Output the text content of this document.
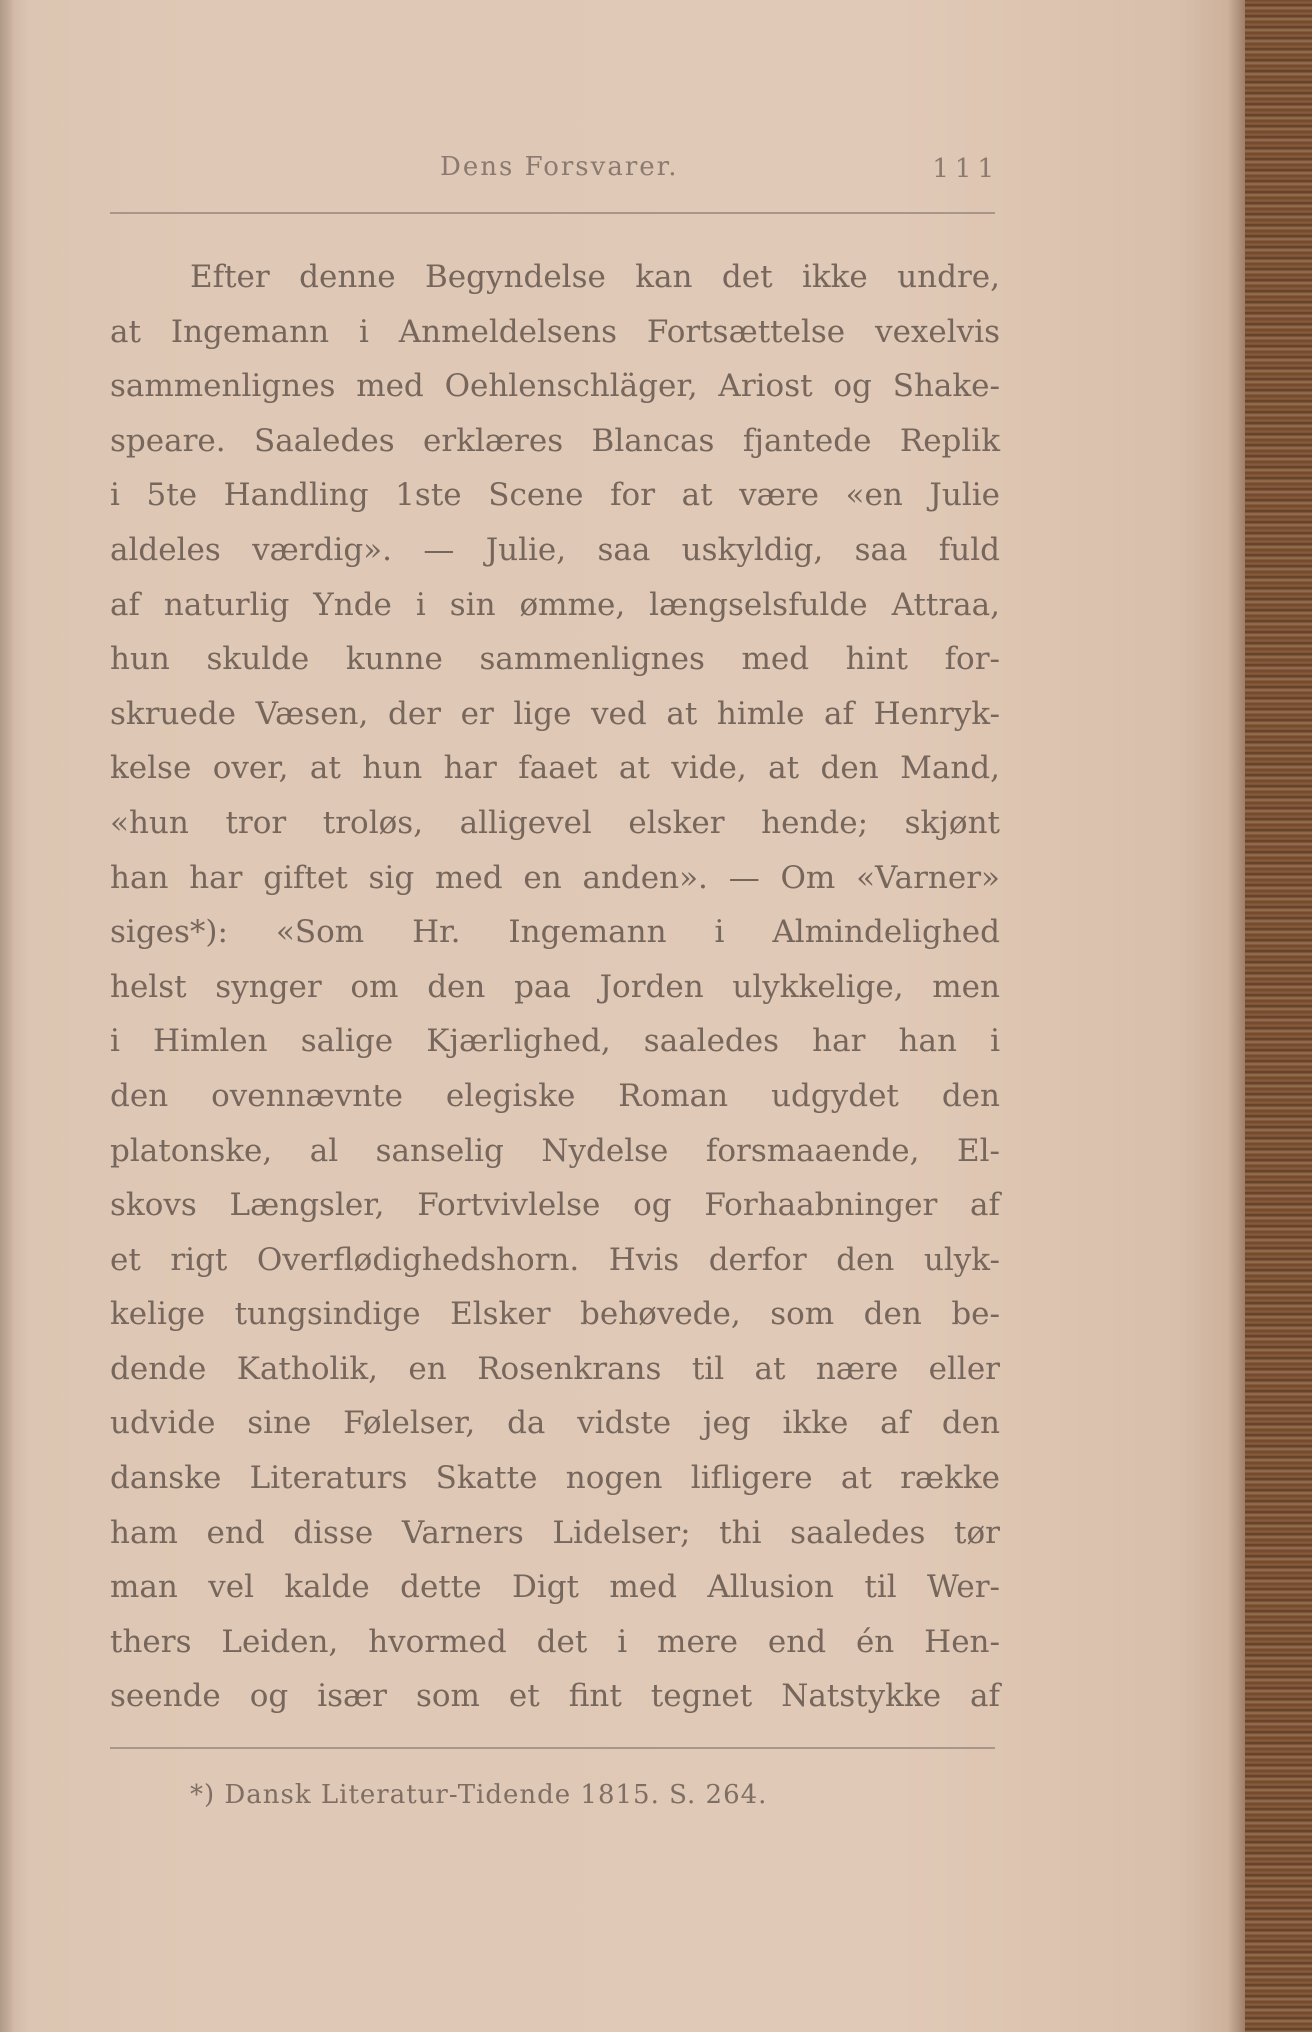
Dens Forsvarer.	111
Efter denne Begyndelse kan det ikke undre,
at Ingemann i Anmeldelsens Fortsættelse vexelvis
sammenlignes med Oehlenschläger, Ariost og Shake-
speare. Saaledes erklæres Blancas fjantede Replik
i 5te Handling 1ste Scene for at være «en Julie
aldeles værdig». — Julie, saa uskyldig, saa fuld
af naturlig Ynde i sin ømme, længselsfulde Attraa,
hun skulde kunne sammenlignes med hint for-
skruede Væsen, der er lige ved at himle af Henryk-
kelse over, at hun har faaet at vide, at den Mand,
«hun tror troløs, alligevel elsker hende; skjønt
han har giftet sig med en anden». — Om «Varner»
siges*): «Som Hr. Ingemann i Almindelighed
helst synger om den paa Jorden ulykkelige, men
i Himlen salige Kjærlighed, saaledes har han i
den ovennævnte elegiske Roman udgydet den
platonske, al sanselig Nydelse forsmaaende, El-
skovs Længsler, Fortvivlelse og Forhaabninger af
et rigt Overflødighedshorn. Hvis derfor den ulyk-
kelige tungsindige Elsker behøvede, som den be-
dende Katholik, en Rosenkrans til at nære eller
udvide sine Følelser, da vidste jeg ikke af den
danske Literaturs Skatte nogen lifligere at række
ham end disse Varners Lidelser; thi saaledes tør
man vel kalde dette Digt med Allusion til Wer-
thers Leiden, hvormed det i mere end én Hen-
seende og især som et fint tegnet Natstykke af
*) Dansk Literatur-Tidende 1815. S. 264.
